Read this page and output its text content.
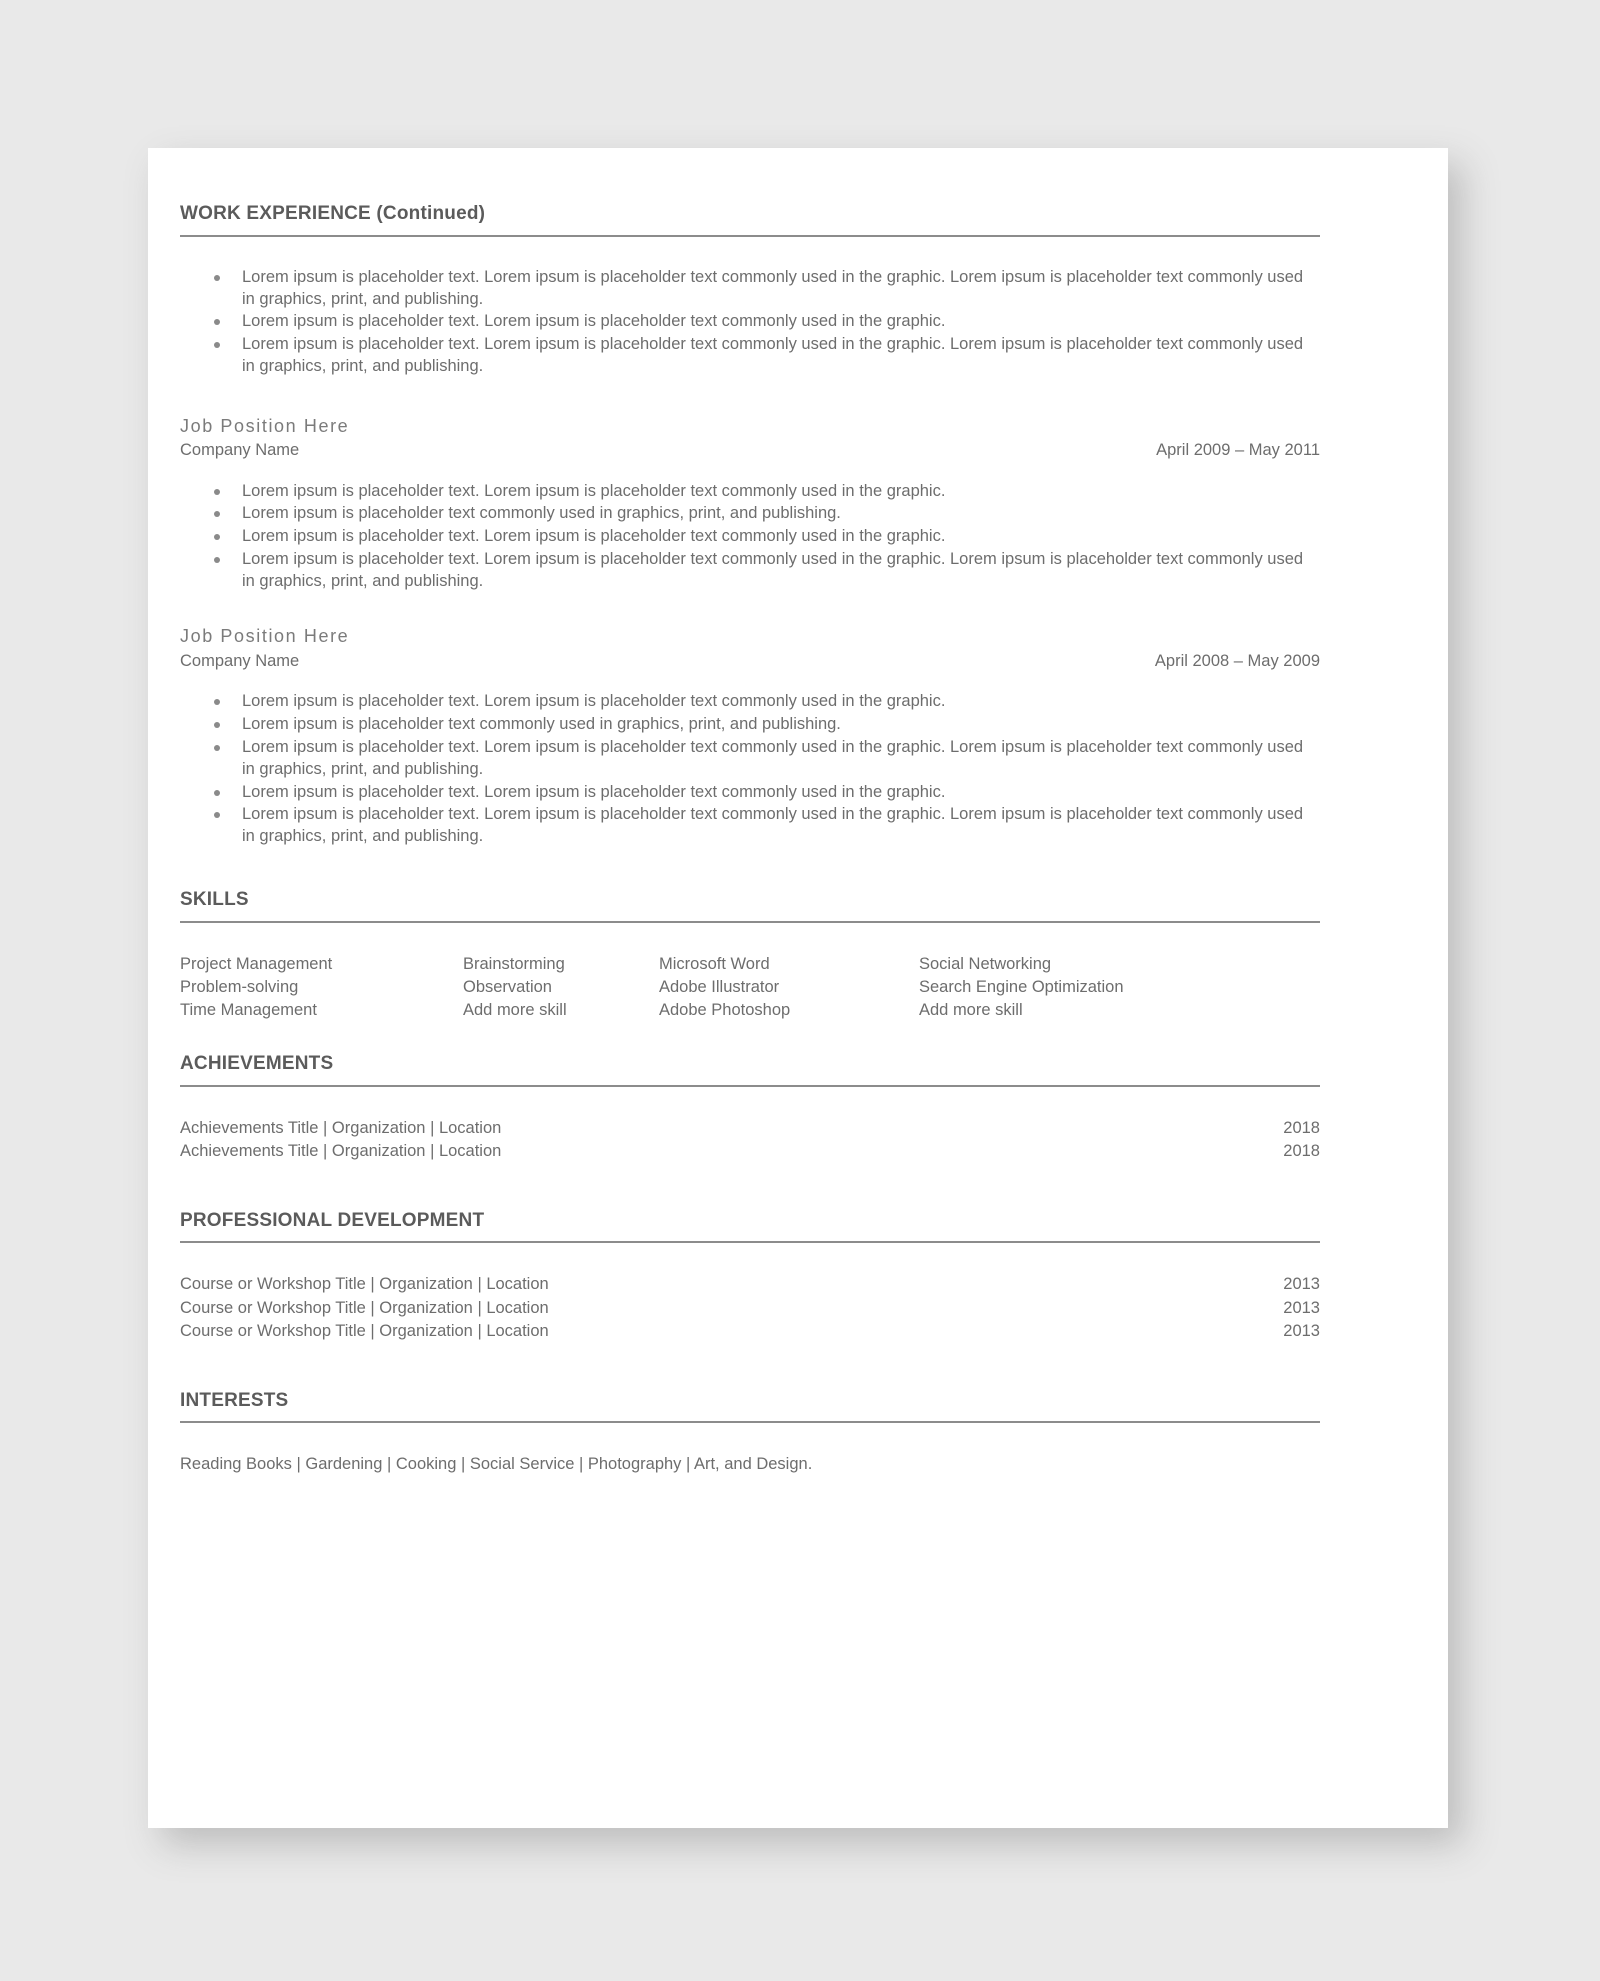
WORK EXPERIENCE (Continued)
Lorem ipsum is placeholder text. Lorem ipsum is placeholder text commonly used in the graphic. Lorem ipsum is placeholder text commonly used in graphics, print, and publishing.
Lorem ipsum is placeholder text. Lorem ipsum is placeholder text commonly used in the graphic.
Lorem ipsum is placeholder text. Lorem ipsum is placeholder text commonly used in the graphic. Lorem ipsum is placeholder text commonly used in graphics, print, and publishing.
Job Position Here
Company Name	April 2009 – May 2011
Lorem ipsum is placeholder text. Lorem ipsum is placeholder text commonly used in the graphic.
Lorem ipsum is placeholder text commonly used in graphics, print, and publishing.
Lorem ipsum is placeholder text. Lorem ipsum is placeholder text commonly used in the graphic.
Lorem ipsum is placeholder text. Lorem ipsum is placeholder text commonly used in the graphic. Lorem ipsum is placeholder text commonly used in graphics, print, and publishing.
Job Position Here
Company Name	April 2008 – May 2009
Lorem ipsum is placeholder text. Lorem ipsum is placeholder text commonly used in the graphic.
Lorem ipsum is placeholder text commonly used in graphics, print, and publishing.
Lorem ipsum is placeholder text. Lorem ipsum is placeholder text commonly used in the graphic. Lorem ipsum is placeholder text commonly used in graphics, print, and publishing.
Lorem ipsum is placeholder text. Lorem ipsum is placeholder text commonly used in the graphic.
Lorem ipsum is placeholder text. Lorem ipsum is placeholder text commonly used in the graphic. Lorem ipsum is placeholder text commonly used in graphics, print, and publishing.
SKILLS
Project Management	Brainstorming	Microsoft Word	Social Networking
Problem-solving	Observation	Adobe Illustrator	Search Engine Optimization
Time Management	Add more skill	Adobe Photoshop	Add more skill
ACHIEVEMENTS
Achievements Title | Organization | Location	2018
Achievements Title | Organization | Location	2018
PROFESSIONAL DEVELOPMENT
Course or Workshop Title | Organization | Location	2013
Course or Workshop Title | Organization | Location	2013
Course or Workshop Title | Organization | Location	2013
INTERESTS
Reading Books | Gardening | Cooking | Social Service | Photography | Art, and Design.
